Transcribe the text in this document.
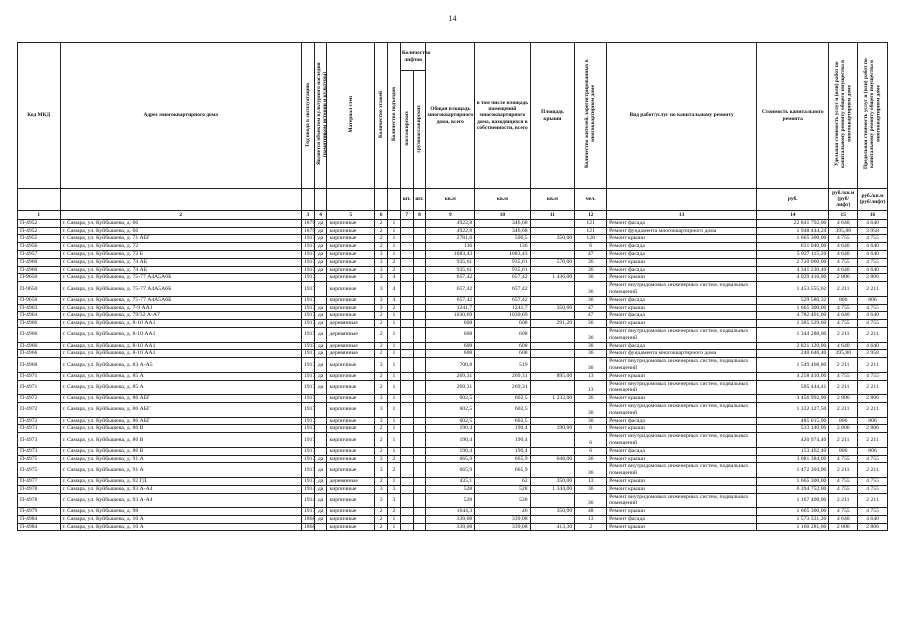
14
Код МКД	Адрес многоквартирного дома	Год ввода в эксплуатацию	Является объектом культурного наследия (памятником истории и культуры)	Материал стен	Количество этажей	Количество подъездов	Количество лифтов		Общая площадь многоквартирного дома, всего	в том числе площадь помещений многоквартирного дома, находящихся в собственности, всего	Площадь крыши	Количество жителей, зарегистрированных в многоквартирном доме	Вид работ/услуг по капитальному ремонту	Стоимость капитального ремонта	Удельная стоимость услуг и (или) работ по капитальному ремонту общего имущества в многоквартирном доме	Предельная стоимость услуг и (или) работ по капитальному ремонту общего имущества в многоквартирном доме
							пассажирских	грузопассажирских								
							шт.	шт.	кв.м	кв.м	кв.м	чел.		руб.	руб./кв.м (руб/лифт)	руб./кв.м (руб/лифт)
1	2	3	4	5	6		7	8	9	10	11	12	13	14	15	16
П-4952	г. Самара, ул. Куйбышева, д. 66	1870	да	кирпичные	2	1			4922,8	346,68		121	Ремонт фасада	22 841 792,00	4 640	4 640
П-4952	г. Самара, ул. Куйбышева, д. 66	1870	да	кирпичные	2	1			4922,8	346,68		121	Ремонт фундамента многоквартирного дома	1 948 444,24	395,80	3 958
П-4955	г. Самара, ул. Куйбышева, д. 71 АБГ	1917	да	кирпичные	2	1			2781,6	506,5	350,00	128	Ремонт крыши	1 665 300,00	4 755	4 755
П-4956	г. Самара, ул. Куйбышева, д. 72	1917	да	кирпичные	2	1			136	136		6	Ремонт фасада	631 040,00	4 640	4 640
П-4957	г. Самара, ул. Куйбышева, д. 72 Б	1917	да	кирпичные	3	1			1083,43	1083,43		47	Ремонт фасада	5 027 115,20	4 640	4 640
П-4960	г. Самара, ул. Куйбышева, д. 74 АБ	1917	да	кирпичные	3	2			935,61	935,61	570,00	36	Ремонт крыши	2 710 060,00	4 755	4 755
П-4960	г. Самара, ул. Куйбышева, д. 74 АБ	1917	да	кирпичные	3	2			935,61	935,61		36	Ремонт фасада	4 341 230,40	4 640	4 640
П-9650	г. Самара, ул. Куйбышева, д. 75-77 А4А5А6Б	1917		кирпичные	3	4			657,42	657,42	1 436,00	36	Ремонт крыши	4 029 416,00	2 806	2 806
П-9650	г. Самара, ул. Куйбышева, д. 75-77 А4А5А6Б	1917		кирпичные	3	4			657,42	657,42		36	Ремонт внутридомовых инженерных систем, подвальных помещений	1 453 555,62	2 211	2 211
П-9650	г. Самара, ул. Куйбышева, д. 75-77 А4А5А6Б	1917		кирпичные	3	4			657,42	657,42		36	Ремонт фасада	529 580,32	806	806
П-4963	г. Самара, ул. Куйбышева, д. 7-9 АА1	1917	да	кирпичные	3	2			1241,7	1241,7	350,00	47	Ремонт крыши	1 665 300,00	4 755	4 755
П-4964	г. Самара, ул. Куйбышева, д. 79/32 А-А7	1917	да	кирпичные	2	1			1030,69	1030,69		47	Ремонт фасада	4 782 401,60	4 640	4 640
П-4966	г. Самара, ул. Куйбышева, д. 8-10 АА1	1917	да	деревянные	2	1			608	608	291,20	36	Ремонт крыши	1 385 529,60	4 755	4 755
П-4966	г. Самара, ул. Куйбышева, д. 8-10 АА1	1917	да	деревянные	2	1			608	608		36	Ремонт внутридомовых инженерных систем, подвальных помещений	1 344 288,00	2 211	2 211
П-4966	г. Самара, ул. Куйбышева, д. 8-10 АА1	1917	да	деревянные	2	1			608	608		36	Ремонт фасада	2 821 120,00	4 640	4 640
П-4966	г. Самара, ул. Куйбышева, д. 8-10 АА1	1917	да	деревянные	2	1			608	608		36	Ремонт фундамента многоквартирного дома	240 646,40	395,80	3 958
П-4968	г. Самара, ул. Куйбышева, д. 83 А-А5	1917	да	кирпичные	3	1			700,8	519		36	Ремонт внутридомовых инженерных систем, подвальных помещений	1 549 468,80	2 211	2 211
П-4971	г. Самара, ул. Куйбышева, д. 85 А	1917	да	кирпичные	2	1			269,31	269,31	895,00	13	Ремонт крыши	4 258 410,00	4 755	4 755
П-4971	г. Самара, ул. Куйбышева, д. 85 А	1917	да	кирпичные	2	1			269,31	269,31		13	Ремонт внутридомовых инженерных систем, подвальных помещений	595 444,41	2 211	2 211
П-4972	г. Самара, ул. Куйбышева, д. 86 АБГ	1917		кирпичные	3	1			602,5	602,5	1 232,00	36	Ремонт крыши	3 456 992,00	2 806	2 806
П-4972	г. Самара, ул. Куйбышева, д. 86 АБГ	1917		кирпичные	3	1			602,5	602,5		36	Ремонт внутридомовых инженерных систем, подвальных помещений	1 332 127,50	2 211	2 211
П-4972	г. Самара, ул. Куйбышева, д. 86 АБГ	1917		кирпичные	3	1			602,5	602,5		36	Ремонт фасада	485 615,00	806	806
П-4973	г. Самара, ул. Куйбышева, д. 86 В	1917		кирпичные	2	1			190,4	190,4	190,00	6	Ремонт крыши	533 140,00	2 806	2 806
П-4973	г. Самара, ул. Куйбышева, д. 86 В	1917		кирпичные	2	1			190,4	190,4		6	Ремонт внутридомовых инженерных систем, подвальных помещений	420 974,40	2 211	2 211
П-4973	г. Самара, ул. Куйбышева, д. 86 В	1917		кирпичные	2	1			190,4	190,4		6	Ремонт фасада	153 462,40	806	806
П-4975	г. Самара, ул. Куйбышева, д. 91 А	1917	да	кирпичные	3	2			665,9	665,9	648,00	36	Ремонт крыши	3 081 384,00	4 755	4 755
П-4975	г. Самара, ул. Куйбышева, д. 91 А	1917	да	кирпичные	3	2			665,9	665,9		36	Ремонт внутридомовых инженерных систем, подвальных помещений	1 472 304,90	2 211	2 211
П-4977	г. Самара, ул. Куйбышева, д. 92 ГД	1917	да	деревянные	2	1			435,1	62	350,00	13	Ремонт крыши	1 665 300,00	4 755	4 755
П-4978	г. Самара, ул. Куйбышева, д. 93 А-А4	1914	да	кирпичные	3	3			528	528	1 344,00	36	Ремонт крыши	6 394 752,00	4 755	4 755
П-4978	г. Самара, ул. Куйбышева, д. 93 А-А4	1914	да	кирпичные	3	3			528	528		36	Ремонт внутридомовых инженерных систем, подвальных помещений	1 167 408,00	2 211	2 211
П-4979	г. Самара, ул. Куйбышева, д. 98	1917	да	кирпичные	2	2			1644,3	46	350,00	48	Ремонт крыши	1 665 300,00	4 755	4 755
П-4984	г. Самара, ул. Куйбышева, д. 10 А	1868	да	кирпичные	2	1			339,08	339,08		13	Ремонт фасада	1 573 331,20	4 640	4 640
П-4984	г. Самара, ул. Куйбышева, д. 10 А	1868		кирпичные	2	1			339,08	339,08	413,30	2	Ремонт крыши	1 160 281,60	2 806	2 806
